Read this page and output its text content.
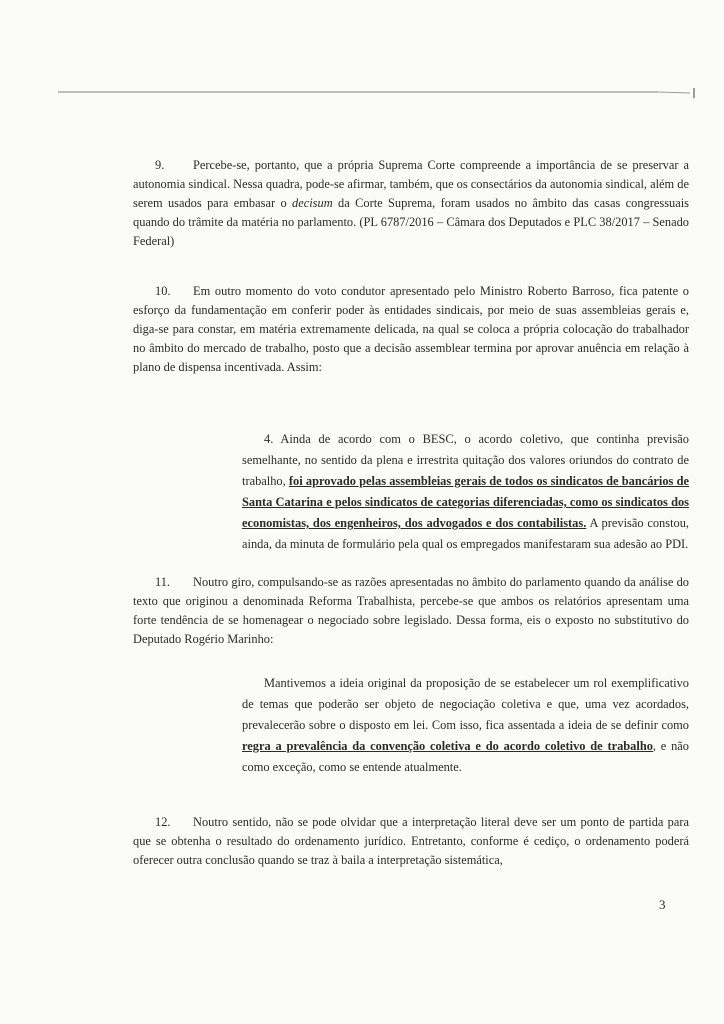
9. Percebe-se, portanto, que a própria Suprema Corte compreende a importância de se preservar a autonomia sindical. Nessa quadra, pode-se afirmar, também, que os consectários da autonomia sindical, além de serem usados para embasar o decisum da Corte Suprema, foram usados no âmbito das casas congressuais quando do trâmite da matéria no parlamento. (PL 6787/2016 – Câmara dos Deputados e PLC 38/2017 – Senado Federal)

10. Em outro momento do voto condutor apresentado pelo Ministro Roberto Barroso, fica patente o esforço da fundamentação em conferir poder às entidades sindicais, por meio de suas assembleias gerais e, diga-se para constar, em matéria extremamente delicada, na qual se coloca a própria colocação do trabalhador no âmbito do mercado de trabalho, posto que a decisão assemblear termina por aprovar anuência em relação à plano de dispensa incentivada. Assim:

4. Ainda de acordo com o BESC, o acordo coletivo, que continha previsão semelhante, no sentido da plena e irrestrita quitação dos valores oriundos do contrato de trabalho, foi aprovado pelas assembleias gerais de todos os sindicatos de bancários de Santa Catarina e pelos sindicatos de categorias diferenciadas, como os sindicatos dos economistas, dos engenheiros, dos advogados e dos contabilistas. A previsão constou, ainda, da minuta de formulário pela qual os empregados manifestaram sua adesão ao PDI.

11. Noutro giro, compulsando-se as razões apresentadas no âmbito do parlamento quando da análise do texto que originou a denominada Reforma Trabalhista, percebe-se que ambos os relatórios apresentam uma forte tendência de se homenagear o negociado sobre legislado. Dessa forma, eis o exposto no substitutivo do Deputado Rogério Marinho:

Mantivemos a ideia original da proposição de se estabelecer um rol exemplificativo de temas que poderão ser objeto de negociação coletiva e que, uma vez acordados, prevalecerão sobre o disposto em lei. Com isso, fica assentada a ideia de se definir como regra a prevalência da convenção coletiva e do acordo coletivo de trabalho, e não como exceção, como se entende atualmente.

12. Noutro sentido, não se pode olvidar que a interpretação literal deve ser um ponto de partida para que se obtenha o resultado do ordenamento jurídico. Entretanto, conforme é cediço, o ordenamento poderá oferecer outra conclusão quando se traz à baila a interpretação sistemática,

3
